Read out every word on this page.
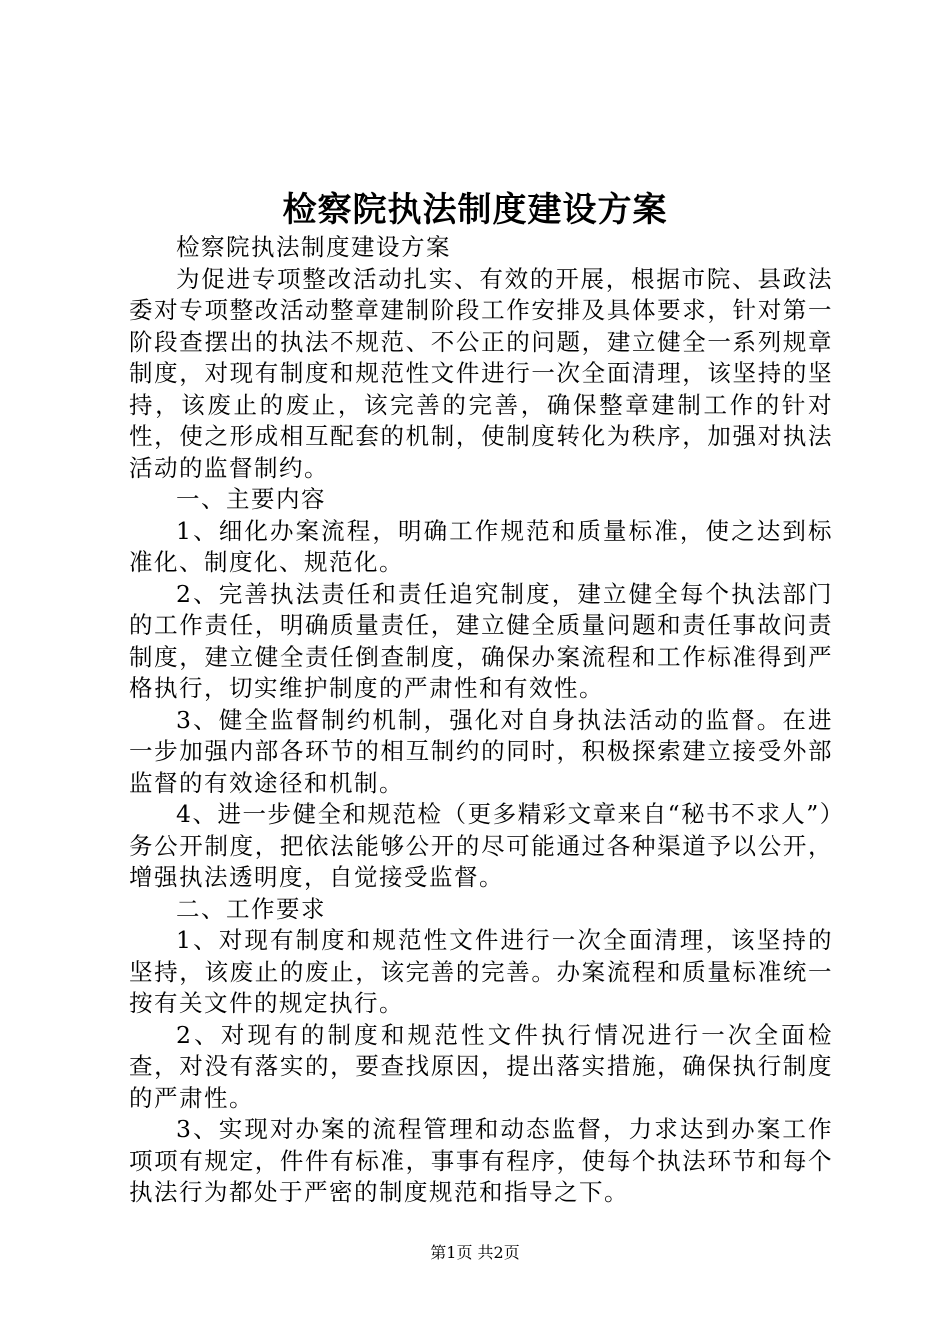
检察院执法制度建设方案

检察院执法制度建设方案

为促进专项整改活动扎实、有效的开展，根据市院、县政法委对专项整改活动整章建制阶段工作安排及具体要求，针对第一阶段查摆出的执法不规范、不公正的问题，建立健全一系列规章制度，对现有制度和规范性文件进行一次全面清理，该坚持的坚持，该废止的废止，该完善的完善，确保整章建制工作的针对性，使之形成相互配套的机制，使制度转化为秩序，加强对执法活动的监督制约。

一、主要内容

1、细化办案流程，明确工作规范和质量标准，使之达到标准化、制度化、规范化。

2、完善执法责任和责任追究制度，建立健全每个执法部门的工作责任，明确质量责任，建立健全质量问题和责任事故问责制度，建立健全责任倒查制度，确保办案流程和工作标准得到严格执行，切实维护制度的严肃性和有效性。

3、健全监督制约机制，强化对自身执法活动的监督。在进一步加强内部各环节的相互制约的同时，积极探索建立接受外部监督的有效途径和机制。

4、进一步健全和规范检（更多精彩文章来自“秘书不求人”）务公开制度，把依法能够公开的尽可能通过各种渠道予以公开，增强执法透明度，自觉接受监督。

二、工作要求

1、对现有制度和规范性文件进行一次全面清理，该坚持的坚持，该废止的废止，该完善的完善。办案流程和质量标准统一按有关文件的规定执行。

2、对现有的制度和规范性文件执行情况进行一次全面检查，对没有落实的，要查找原因，提出落实措施，确保执行制度的严肃性。

3、实现对办案的流程管理和动态监督，力求达到办案工作项项有规定，件件有标准，事事有程序，使每个执法环节和每个执法行为都处于严密的制度规范和指导之下。

第1页 共2页
